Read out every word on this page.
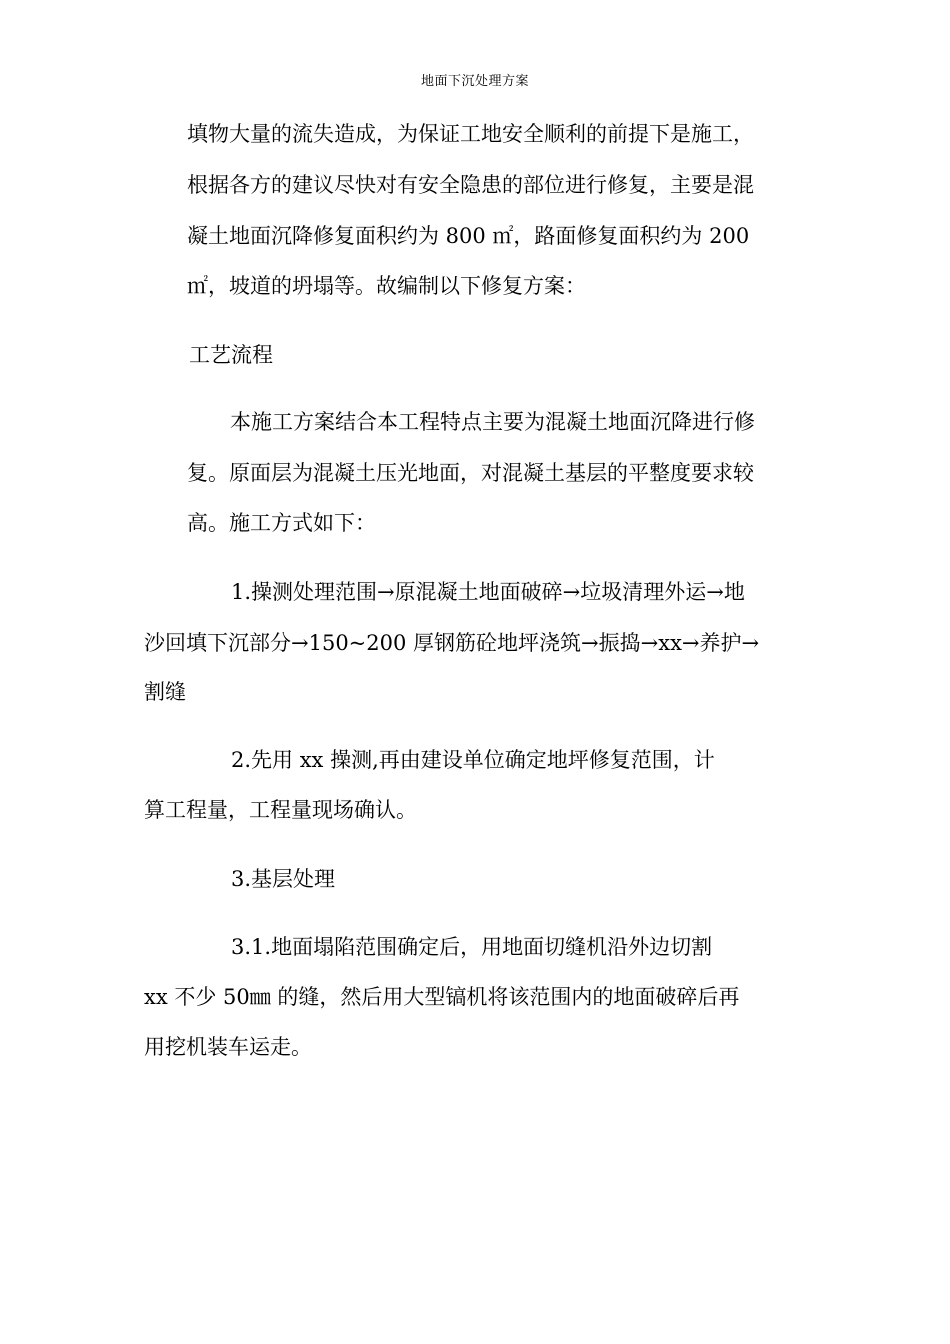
地面下沉处理方案
填物大量的流失造成，为保证工地安全顺利的前提下是施工，
根据各方的建议尽快对有安全隐患的部位进行修复，主要是混
凝土地面沉降修复面积约为 800 ㎡，路面修复面积约为 200
㎡，坡道的坍塌等。故编制以下修复方案：
工艺流程
本施工方案结合本工程特点主要为混凝土地面沉降进行修
复。原面层为混凝土压光地面，对混凝土基层的平整度要求较
高。施工方式如下：
1.操测处理范围→原混凝土地面破碎→垃圾清理外运→地
沙回填下沉部分→150~200 厚钢筋砼地坪浇筑→振捣→xx→养护→
割缝
2.先用 xx 操测,再由建设单位确定地坪修复范围，计
算工程量，工程量现场确认。
3.基层处理
3.1.地面塌陷范围确定后，用地面切缝机沿外边切割
xx 不少 50㎜ 的缝，然后用大型镐机将该范围内的地面破碎后再
用挖机装车运走。
